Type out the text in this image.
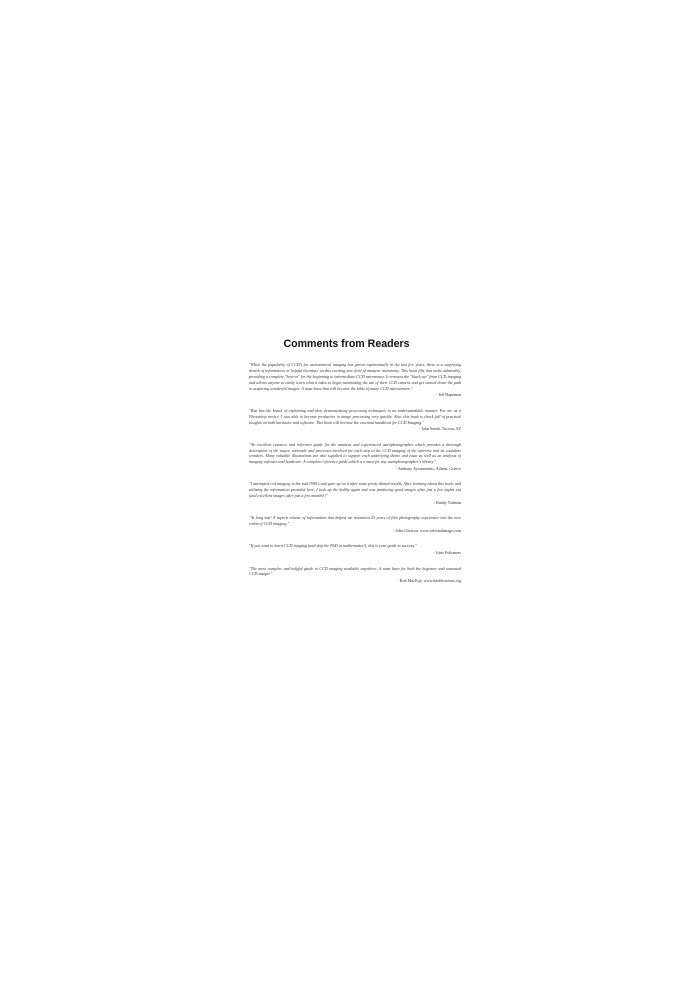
Comments from Readers

"While the popularity of CCD's for astronomical imaging has grown exponentially in the last few years, there is a surprising dearth of information or helpful literature on this exciting new field of amateur astronomy. This book fills that niche admirably, providing a complete "how-to" for the beginning to intermediate CCD astronomer. It removes the "black art" from CCD imaging and allows anyone to easily learn what it takes to begin maximizing the use of their CCD camera and get started down the path to acquiring wonderful images. A must-have that will become the bible of many CCD astronomers."

- Jeff Hapeman

"Ron has the knack of explaining and then demonstrating processing techniques in an understandable manner. For me as a Photoshop novice, I was able to become productive in image processing very quickly. Also, this book is chock full of practical insights on both hardware and software. This book will become the essential handbook for CCD Imaging."

- John Smith, Tucson, AZ

"An excellent resource and reference guide for the amateur and experienced astrophotographer which provides a thorough description of the issues, rationale and processes involved for each step in the CCD imaging of the universe and its countless wonders. Many valuable illustrations are also supplied to support each underlying theme and issue as well as an analysis of imaging software and hardware. A complete reference guide which is a must for any astrophotographer's library."

- Anthony Ayiomamitis, Athens, Greece

"I attempted ccd imaging in the mid 1990's and gave up on it after some pretty dismal results. After learning about this book, and utilizing the information provided here, I took up the hobby again and was producing good images after just a few nights out (and excellent images after just a few months!)"

- Randy Nulman

"At long last! A superb volume of information that helped me transition 25 years of film photography experience into the new realm of CCD imaging."

- John Gleason, www.celestialimage.com

"If you want to learn CCD imaging (and skip the PhD in mathematics!), this is your guide to success."

- John Poltrames

"The most complete and helpful guide to CCD imaging available anywhere. A must have for both the beginner and seasoned CCD imager."

- Rob MacKay, www.darkhorizons.org
